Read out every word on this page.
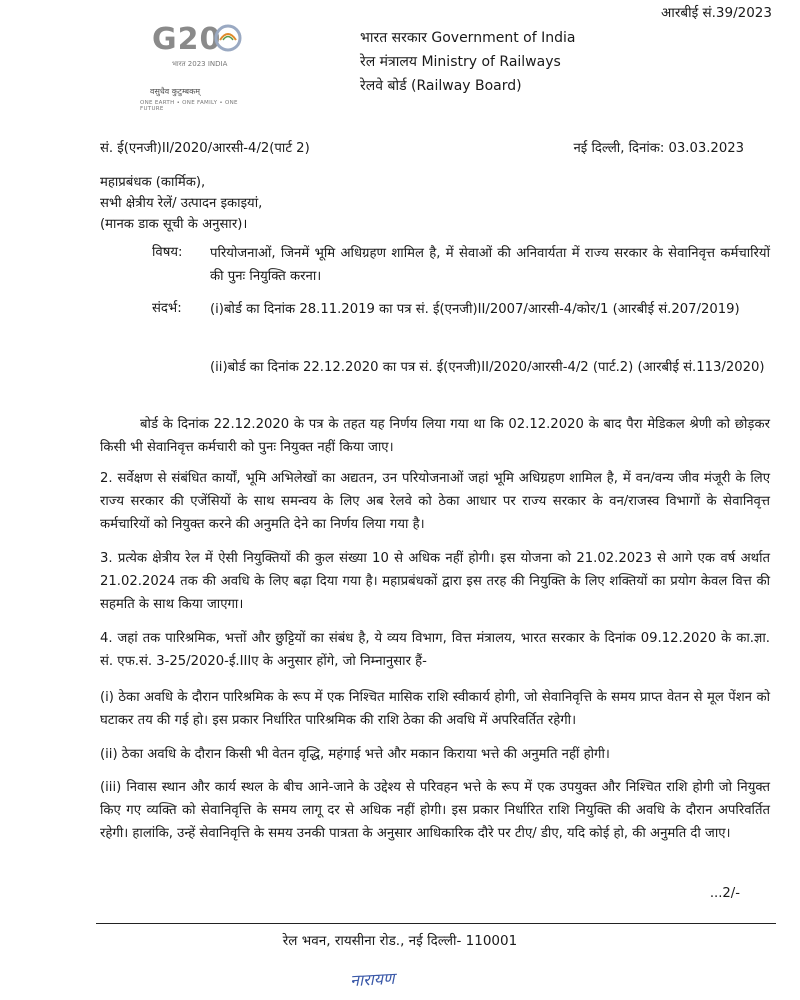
आरबीई सं.39/2023
G20
भारत 2023 INDIA
वसुधैव कुटुम्बकम्
ONE EARTH • ONE FAMILY • ONE FUTURE
भारत सरकार Government of India
रेल मंत्रालय Ministry of Railways
रेलवे बोर्ड (Railway Board)
सं. ई(एनजी)II/2020/आरसी-4/2(पार्ट 2)	नई दिल्ली, दिनांक: 03.03.2023
महाप्रबंधक (कार्मिक),
सभी क्षेत्रीय रेलें/ उत्पादन इकाइयां,
(मानक डाक सूची के अनुसार)।
विषय: परियोजनाओं, जिनमें भूमि अधिग्रहण शामिल है, में सेवाओं की अनिवार्यता में राज्य सरकार के सेवानिवृत्त कर्मचारियों की पुनः नियुक्ति करना।
संदर्भ: (i)बोर्ड का दिनांक 28.11.2019 का पत्र सं. ई(एनजी)II/2007/आरसी-4/कोर/1 (आरबीई सं.207/2019)
(ii)बोर्ड का दिनांक 22.12.2020 का पत्र सं. ई(एनजी)II/2020/आरसी-4/2 (पार्ट.2) (आरबीई सं.113/2020)
बोर्ड के दिनांक 22.12.2020 के पत्र के तहत यह निर्णय लिया गया था कि 02.12.2020 के बाद पैरा मेडिकल श्रेणी को छोड़कर किसी भी सेवानिवृत्त कर्मचारी को पुनः नियुक्त नहीं किया जाए।
2. सर्वेक्षण से संबंधित कार्यों, भूमि अभिलेखों का अद्यतन, उन परियोजनाओं जहां भूमि अधिग्रहण शामिल है, में वन/वन्य जीव मंजूरी के लिए राज्य सरकार की एजेंसियों के साथ समन्वय के लिए अब रेलवे को ठेका आधार पर राज्य सरकार के वन/राजस्व विभागों के सेवानिवृत्त कर्मचारियों को नियुक्त करने की अनुमति देने का निर्णय लिया गया है।
3. प्रत्येक क्षेत्रीय रेल में ऐसी नियुक्तियों की कुल संख्या 10 से अधिक नहीं होगी। इस योजना को 21.02.2023 से आगे एक वर्ष अर्थात 21.02.2024 तक की अवधि के लिए बढ़ा दिया गया है। महाप्रबंधकों द्वारा इस तरह की नियुक्ति के लिए शक्तियों का प्रयोग केवल वित्त की सहमति के साथ किया जाएगा।
4. जहां तक पारिश्रमिक, भत्तों और छुट्टियों का संबंध है, ये व्यय विभाग, वित्त मंत्रालय, भारत सरकार के दिनांक 09.12.2020 के का.ज्ञा. सं. एफ.सं. 3-25/2020-ई.IIIए के अनुसार होंगे, जो निम्नानुसार हैं-
(i) ठेका अवधि के दौरान पारिश्रमिक के रूप में एक निश्चित मासिक राशि स्वीकार्य होगी, जो सेवानिवृत्ति के समय प्राप्त वेतन से मूल पेंशन को घटाकर तय की गई हो। इस प्रकार निर्धारित पारिश्रमिक की राशि ठेका की अवधि में अपरिवर्तित रहेगी।
(ii) ठेका अवधि के दौरान किसी भी वेतन वृद्धि, महंगाई भत्ते और मकान किराया भत्ते की अनुमति नहीं होगी।
(iii) निवास स्थान और कार्य स्थल के बीच आने-जाने के उद्देश्य से परिवहन भत्ते के रूप में एक उपयुक्त और निश्चित राशि होगी जो नियुक्त किए गए व्यक्ति को सेवानिवृत्ति के समय लागू दर से अधिक नहीं होगी। इस प्रकार निर्धारित राशि नियुक्ति की अवधि के दौरान अपरिवर्तित रहेगी। हालांकि, उन्हें सेवानिवृत्ति के समय उनकी पात्रता के अनुसार आधिकारिक दौरे पर टीए/ डीए, यदि कोई हो, की अनुमति दी जाए।
...2/-
रेल भवन, रायसीना रोड., नई दिल्ली- 110001
नारायण
